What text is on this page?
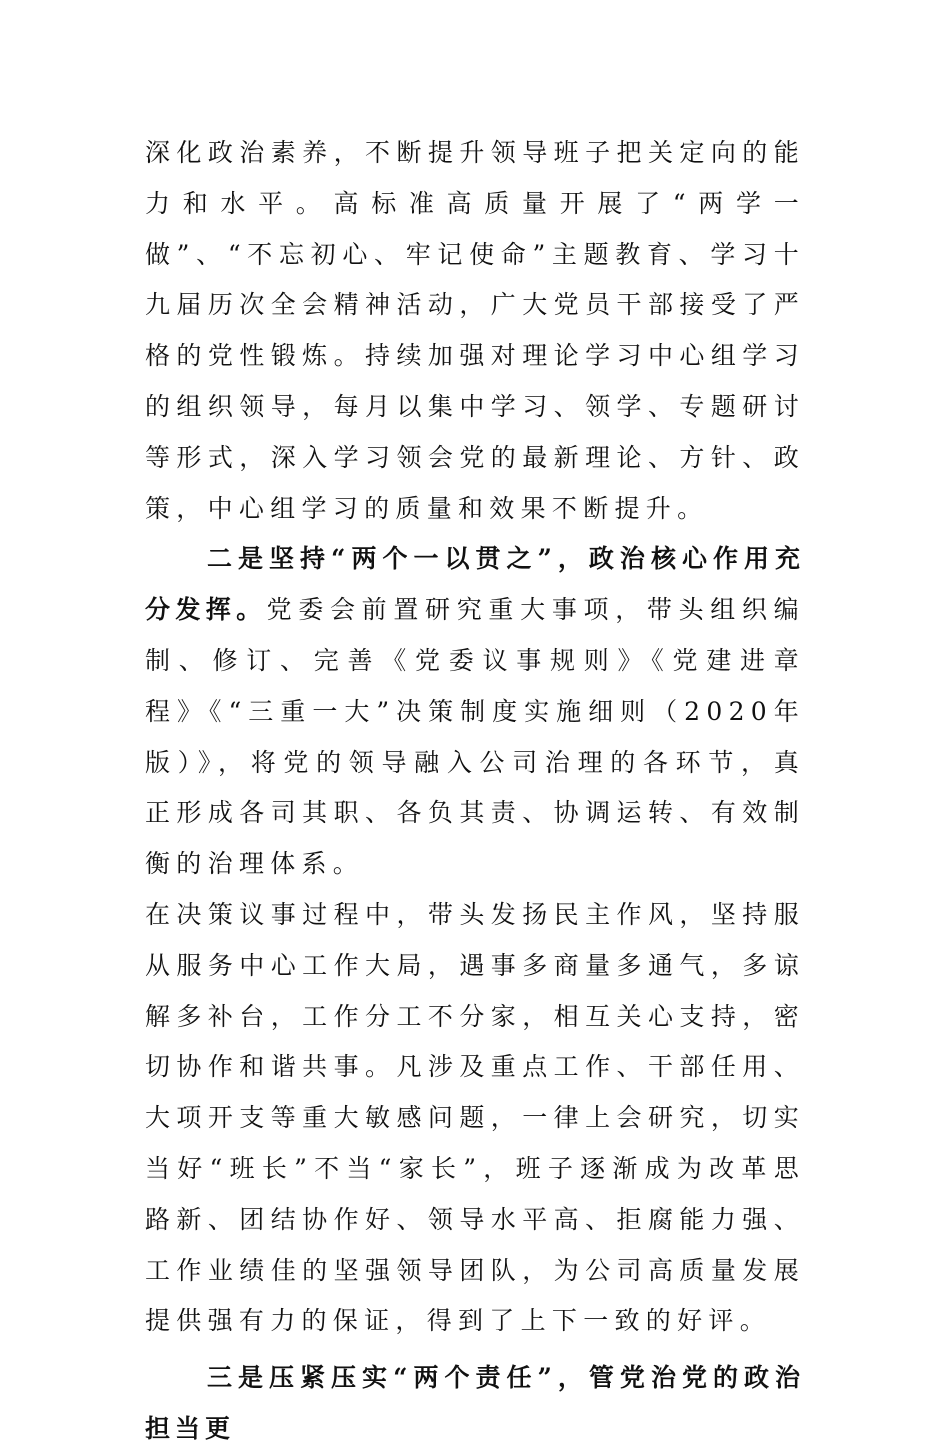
深化政治素养，不断提升领导班子把关定向的能力和水平。高标准高质量开展了“两学一做”、“不忘初心、牢记使命”主题教育、学习十九届历次全会精神活动，广大党员干部接受了严格的党性锻炼。持续加强对理论学习中心组学习的组织领导，每月以集中学习、领学、专题研讨等形式，深入学习领会党的最新理论、方针、政策，中心组学习的质量和效果不断提升。

二是坚持“两个一以贯之”，政治核心作用充分发挥。党委会前置研究重大事项，带头组织编制、修订、完善《党委议事规则》《党建进章程》《“三重一大”决策制度实施细则（2020年版）》，将党的领导融入公司治理的各环节，真正形成各司其职、各负其责、协调运转、有效制衡的治理体系。

在决策议事过程中，带头发扬民主作风，坚持服从服务中心工作大局，遇事多商量多通气，多谅解多补台，工作分工不分家，相互关心支持，密切协作和谐共事。凡涉及重点工作、干部任用、大项开支等重大敏感问题，一律上会研究，切实当好“班长”不当“家长”，班子逐渐成为改革思路新、团结协作好、领导水平高、拒腐能力强、工作业绩佳的坚强领导团队，为公司高质量发展提供强有力的保证，得到了上下一致的好评。

三是压紧压实“两个责任”，管党治党的政治担当更
